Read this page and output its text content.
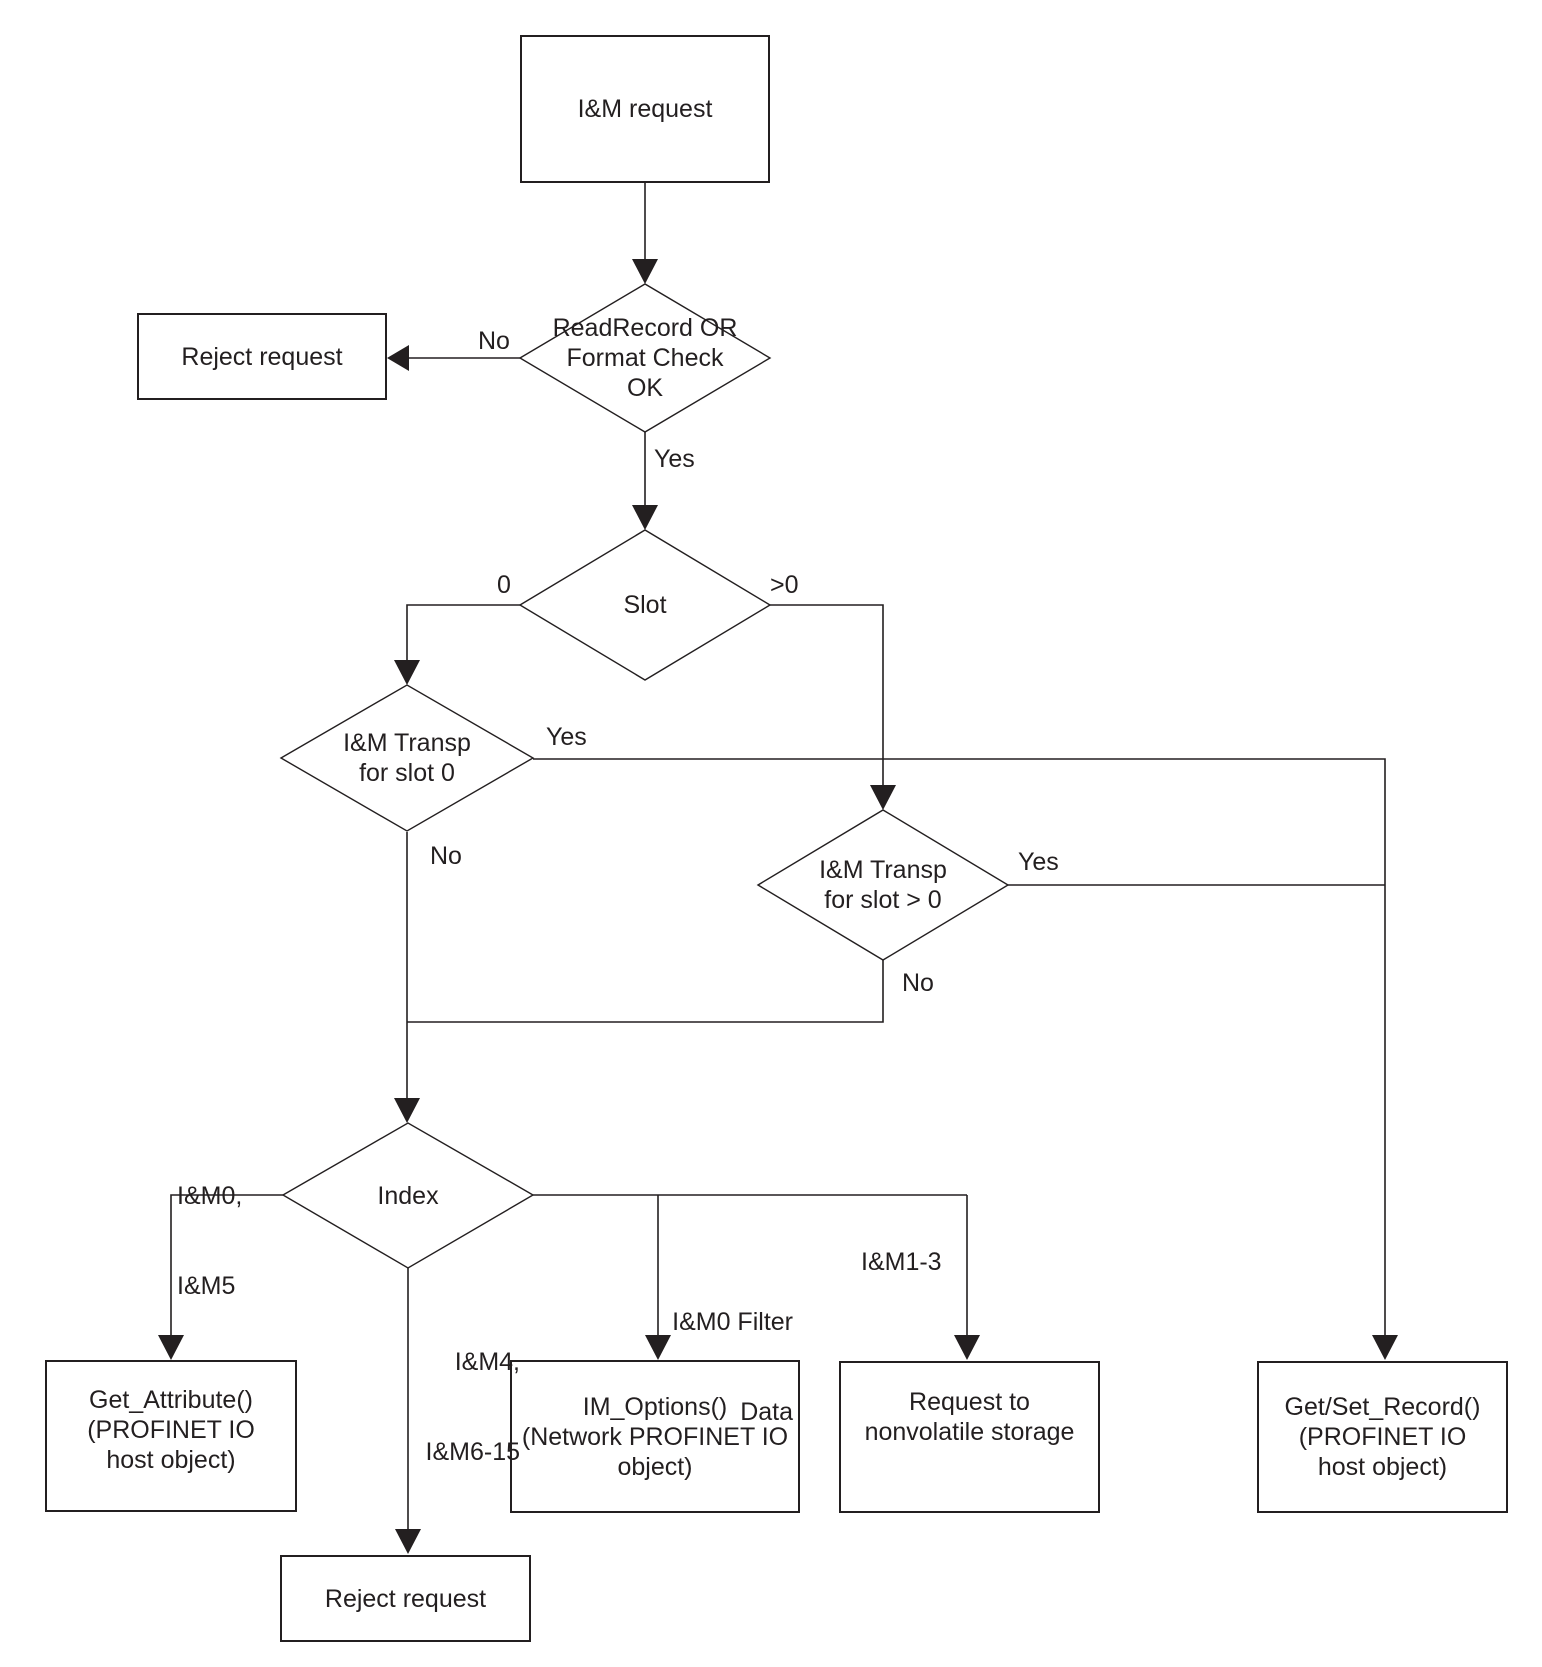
I&M request
Reject request
Get_Attribute()
(PROFINET IO
host object)
IM_Options()
(Network PROFINET IO
object)
Request to
nonvolatile storage
Get/Set_Record()
(PROFINET IO
host object)
Reject request
ReadRecord OR
Format Check
OK
Slot
I&M Transp
for slot 0
I&M Transp
for slot > 0
Index
No
Yes
0	>0
Yes
No	Yes
No

I&M0,

I&M5

I&M4,

I&M6-15

I&M0 Filter

Data

I&M1-3
